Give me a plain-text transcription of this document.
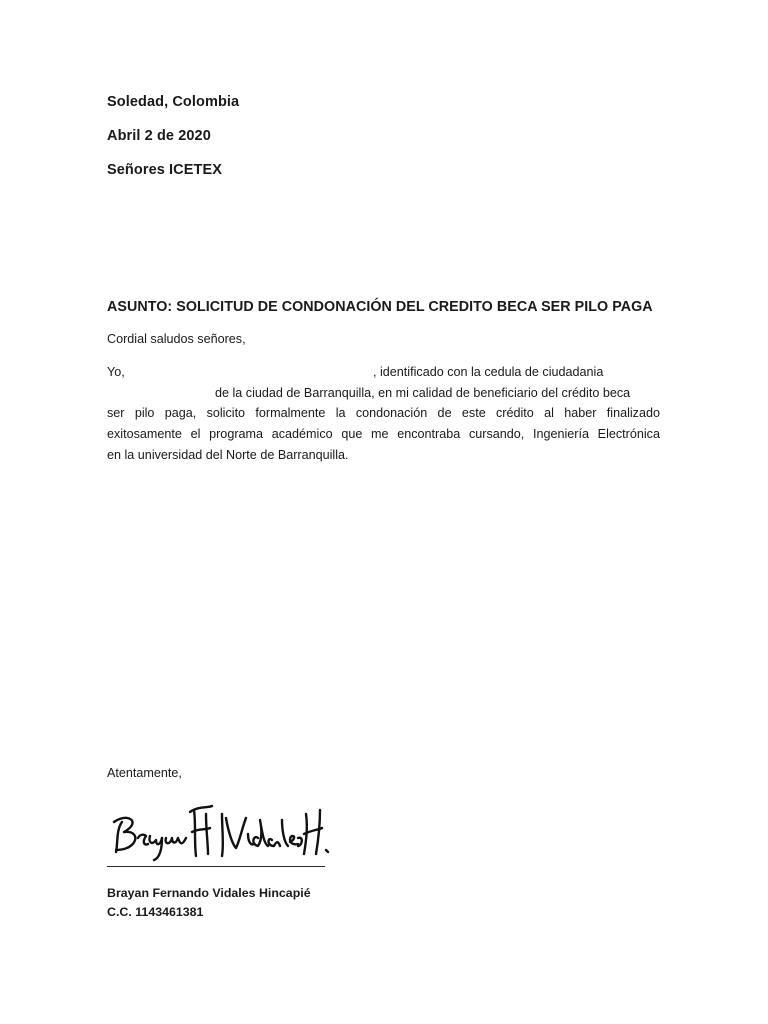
Soledad, Colombia
Abril 2 de 2020
Señores ICETEX
ASUNTO: SOLICITUD DE CONDONACIÓN DEL CREDITO BECA SER PILO PAGA
Cordial saludos señores,
Yo,	, identificado con la cedula de ciudadania
de la ciudad de Barranquilla, en mi calidad de beneficiario del crédito beca
ser pilo paga, solicito formalmente la condonación de este crédito al haber finalizado
exitosamente el programa académico que me encontraba cursando, Ingeniería Electrónica
en la universidad del Norte de Barranquilla.
Atentamente,
Brayan Fernando Vidales Hincapié
C.C. 1143461381
